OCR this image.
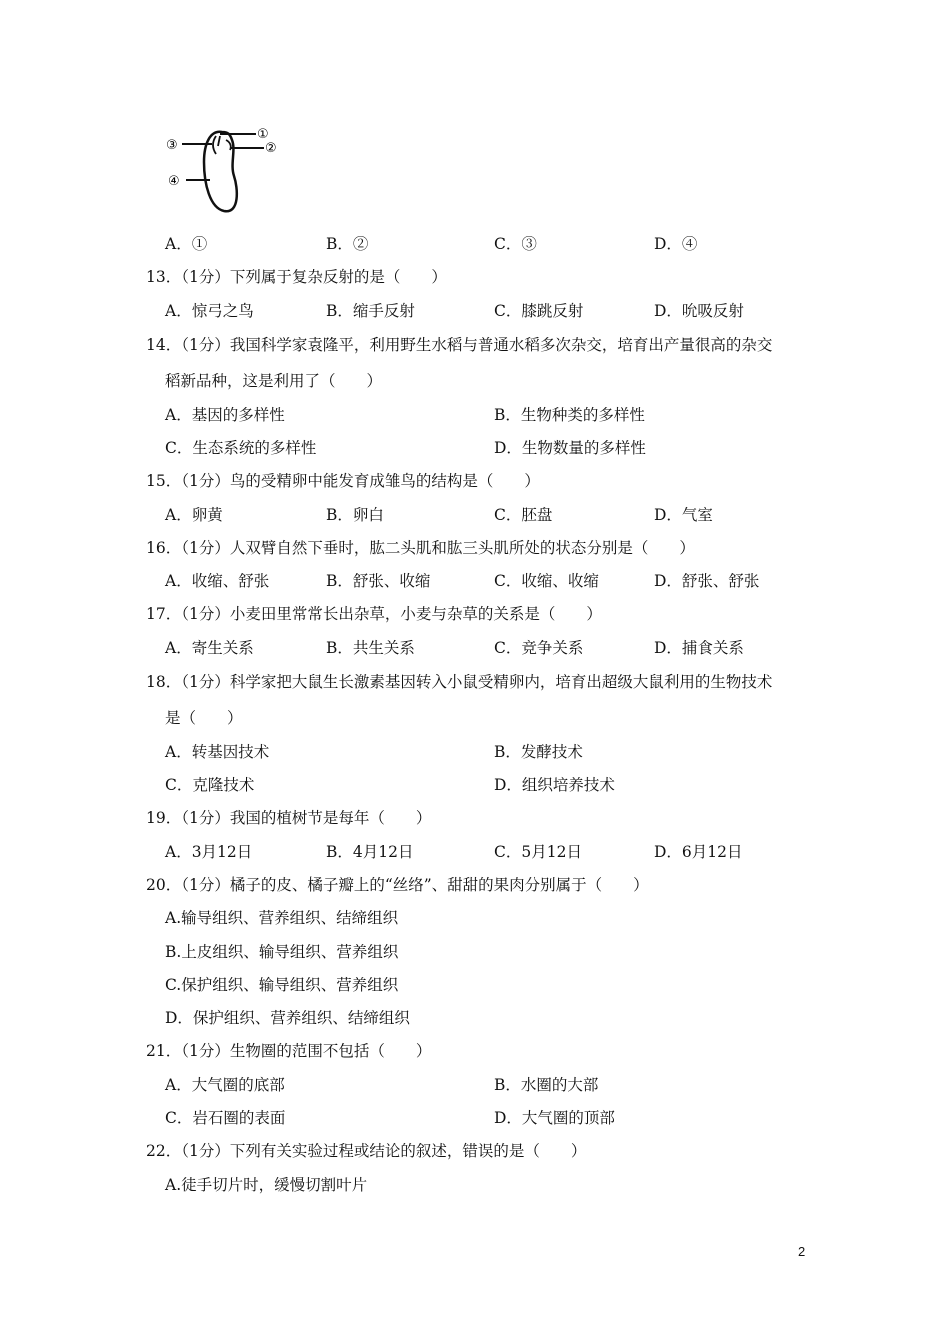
③
①
②
④
A．①	B．②	C．③	D．④
13．（1分）下列属于复杂反射的是（　　）
A．惊弓之鸟	B．缩手反射	C．膝跳反射	D．吮吸反射
14．（1分）我国科学家袁隆平，利用野生水稻与普通水稻多次杂交，培育出产量很高的杂交
稻新品种，这是利用了（　　）
A．基因的多样性	B．生物种类的多样性
C．生态系统的多样性	D．生物数量的多样性
15．（1分）鸟的受精卵中能发育成雏鸟的结构是（　　）
A．卵黄	B．卵白	C．胚盘	D．气室
16．（1分）人双臂自然下垂时，肱二头肌和肱三头肌所处的状态分别是（　　）
A．收缩、舒张	B．舒张、收缩	C．收缩、收缩	D．舒张、舒张
17．（1分）小麦田里常常长出杂草，小麦与杂草的关系是（　　）
A．寄生关系	B．共生关系	C．竞争关系	D．捕食关系
18．（1分）科学家把大鼠生长激素基因转入小鼠受精卵内，培育出超级大鼠利用的生物技术
是（　　）
A．转基因技术	B．发酵技术
C．克隆技术	D．组织培养技术
19．（1分）我国的植树节是每年（　　）
A．3月12日	B．4月12日	C．5月12日	D．6月12日
20．（1分）橘子的皮、橘子瓣上的“丝络”、甜甜的果肉分别属于（　　）
A.输导组织、营养组织、结缔组织
B.上皮组织、输导组织、营养组织
C.保护组织、输导组织、营养组织
D．保护组织、营养组织、结缔组织
21．（1分）生物圈的范围不包括（　　）
A．大气圈的底部	B．水圈的大部
C．岩石圈的表面	D．大气圈的顶部
22．（1分）下列有关实验过程或结论的叙述，错误的是（　　）
A.徒手切片时，缓慢切割叶片
2
